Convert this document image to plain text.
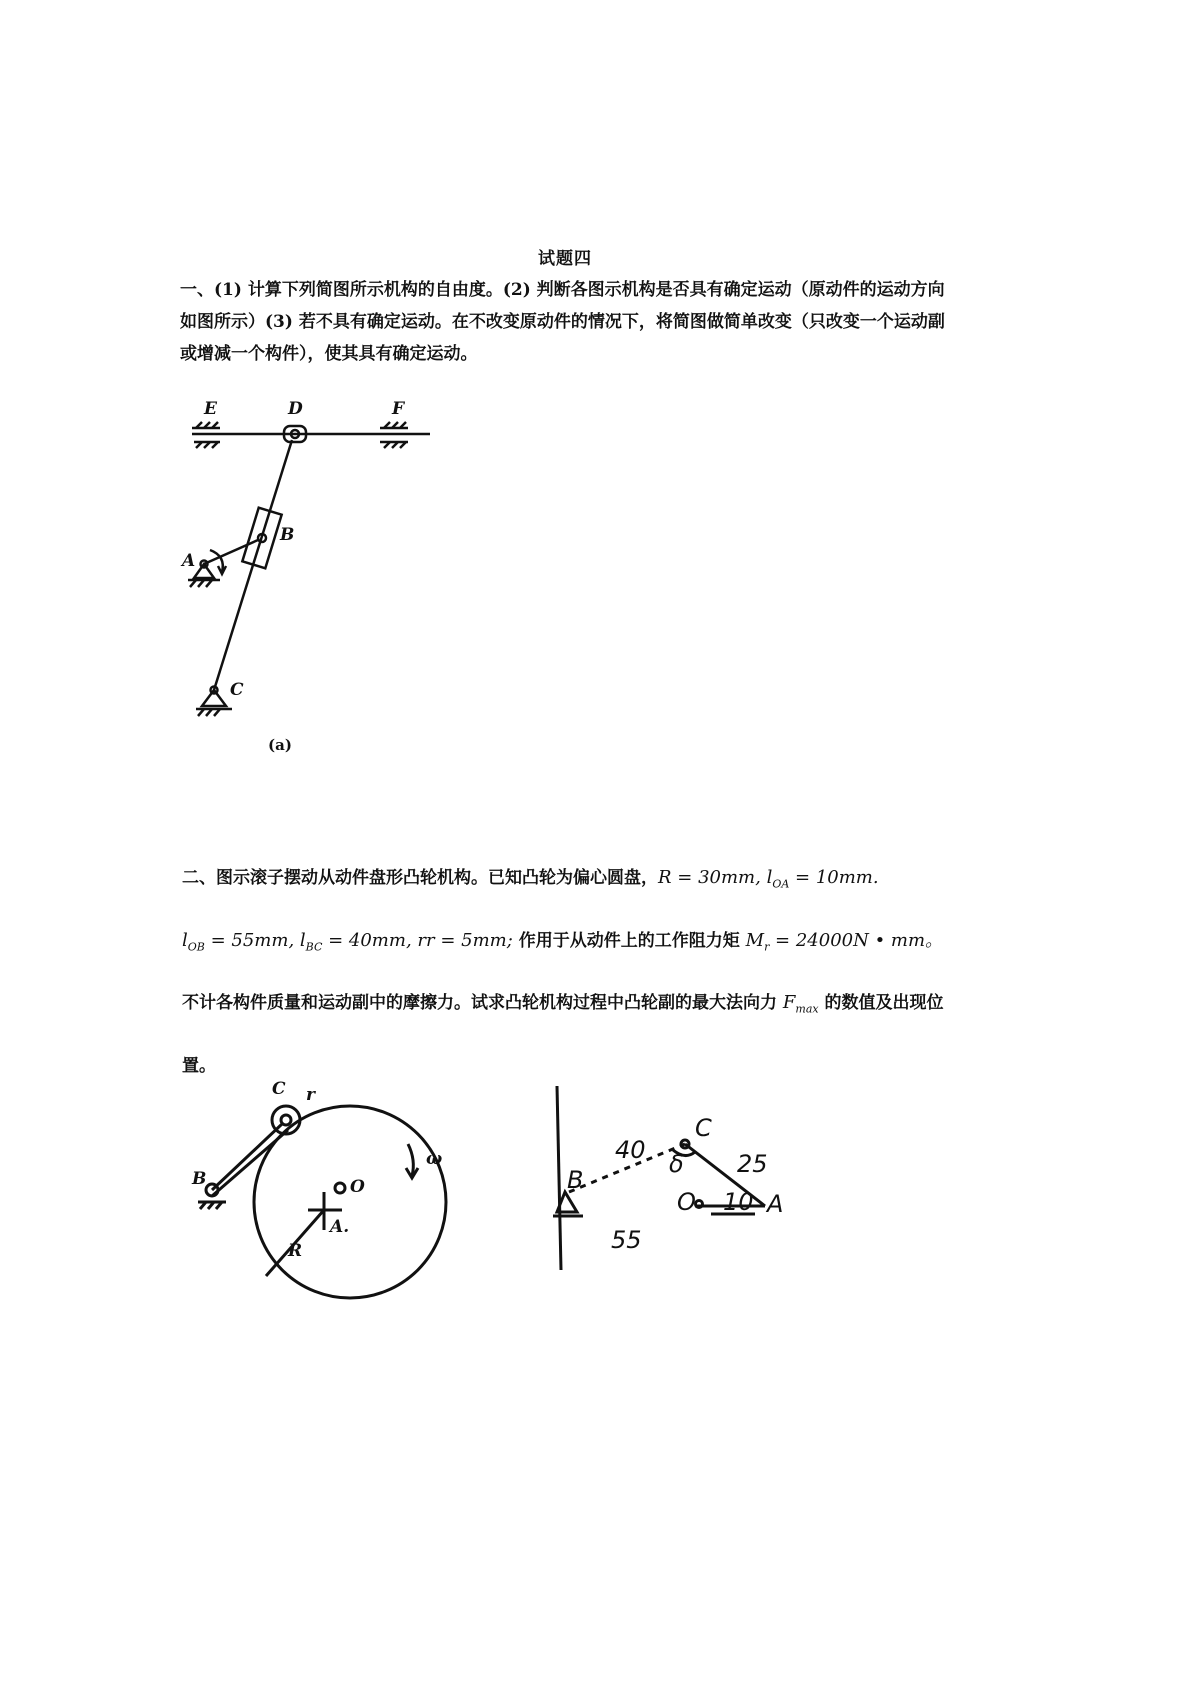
试题四

一、(1) 计算下列简图所示机构的自由度。(2) 判断各图示机构是否具有确定运动（原动件的运动方向如图所示）(3) 若不具有确定运动。在不改变原动件的情况下，将简图做简单改变（只改变一个运动副或增减一个构件），使其具有确定运动。

E	D	F
B
A
C
(a)
二、图示滚子摆动从动件盘形凸轮机构。已知凸轮为偏心圆盘，R = 30mm, $l_{OA} = 10mm$.
$l_{OB} = 55mm$, $l_{BC} = 40mm$, rr = 5mm; 作用于从动件上的工作阻力矩 $M_r = 24000N$ • mm。
不计各构件质量和运动副中的摩擦力。试求凸轮机构过程中凸轮副的最大法向力 $F_{max}$ 的数值及出现位置。
C
B
R
O
A.
ω
r
B
C
A
40	25
55
10
O
δ
